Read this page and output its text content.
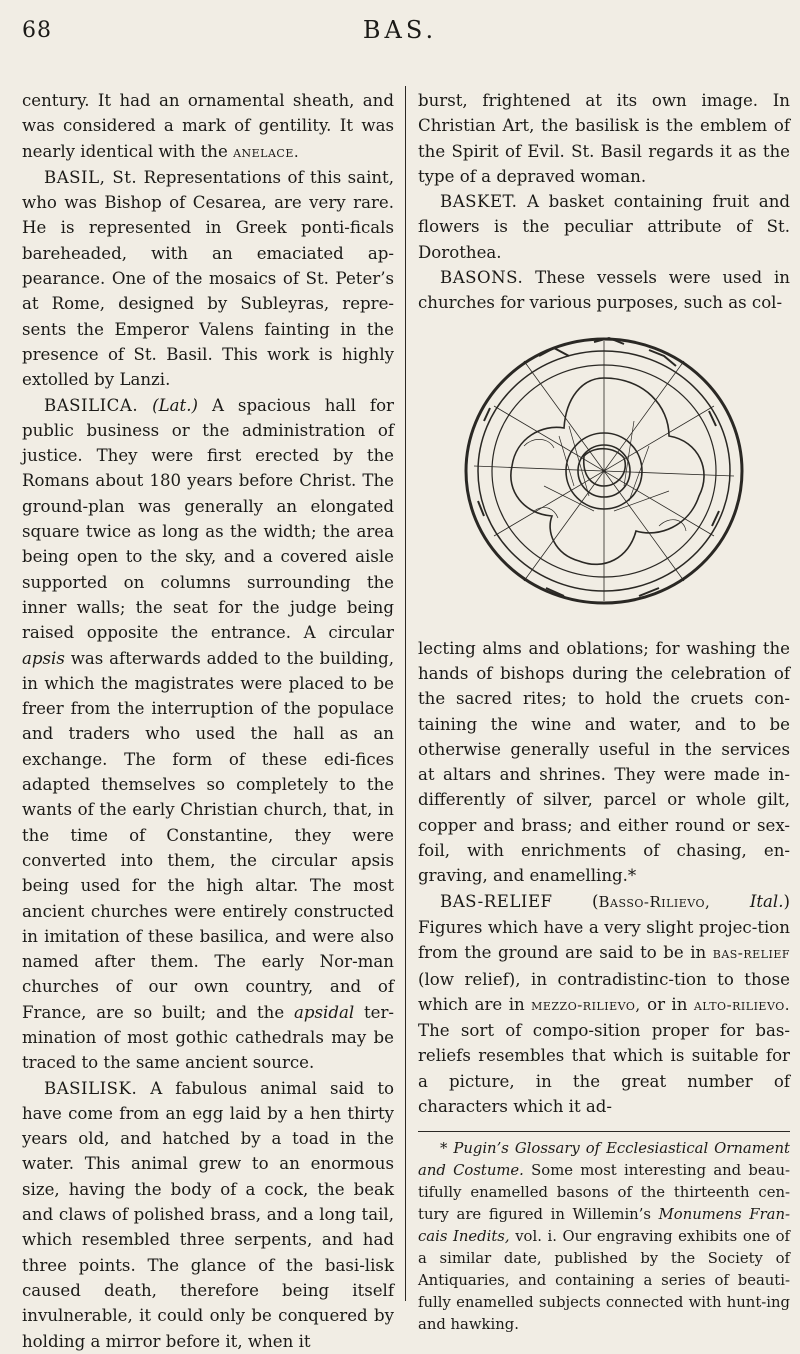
68	BAS.

century. It had an ornamental sheath, and was considered a mark of gentility. It was nearly identical with the anelace.

BASIL, St. Representations of this saint, who was Bishop of Cesarea, are very rare. He is represented in Greek ponti-ficals bareheaded, with an emaciated ap-pearance. One of the mosaics of St. Peter’s at Rome, designed by Subleyras, repre-sents the Emperor Valens fainting in the presence of St. Basil. This work is highly extolled by Lanzi.

BASILICA. (Lat.) A spacious hall for public business or the administration of justice. They were first erected by the Romans about 180 years before Christ. The ground-plan was generally an elongated square twice as long as the width; the area being open to the sky, and a covered aisle supported on columns surrounding the inner walls; the seat for the judge being raised opposite the entrance. A circular apsis was afterwards added to the building, in which the magistrates were placed to be freer from the interruption of the populace and traders who used the hall as an exchange. The form of these edi-fices adapted themselves so completely to the wants of the early Christian church, that, in the time of Constantine, they were converted into them, the circular apsis being used for the high altar. The most ancient churches were entirely constructed in imitation of these basilica, and were also named after them. The early Nor-man churches of our own country, and of France, are so built; and the apsidal ter-mination of most gothic cathedrals may be traced to the same ancient source.

BASILISK. A fabulous animal said to have come from an egg laid by a hen thirty years old, and hatched by a toad in the water. This animal grew to an enormous size, having the body of a cock, the beak and claws of polished brass, and a long tail, which resembled three serpents, and had three points. The glance of the basi-lisk caused death, therefore being itself invulnerable, it could only be conquered by holding a mirror before it, when it

burst, frightened at its own image. In Christian Art, the basilisk is the emblem of the Spirit of Evil. St. Basil regards it as the type of a depraved woman.

BASKET. A basket containing fruit and flowers is the peculiar attribute of St. Dorothea.

BASONS. These vessels were used in churches for various purposes, such as col-

lecting alms and oblations; for washing the hands of bishops during the celebration of the sacred rites; to hold the cruets con-taining the wine and water, and to be otherwise generally useful in the services at altars and shrines. They were made in-differently of silver, parcel or whole gilt, copper and brass; and either round or sex-foil, with enrichments of chasing, en-graving, and enamelling.*

BAS-RELIEF (Basso-Rilievo, Ital.) Figures which have a very slight projec-tion from the ground are said to be in bas-relief (low relief), in contradistinc-tion to those which are in mezzo-rilievo, or in alto-rilievo. The sort of compo-sition proper for bas-reliefs resembles that which is suitable for a picture, in the great number of characters which it ad-

* Pugin’s Glossary of Ecclesiastical Ornament and Costume. Some most interesting and beau-tifully enamelled basons of the thirteenth cen-tury are figured in Willemin’s Monumens Fran-cais Inedits, vol. i. Our engraving exhibits one of a similar date, published by the Society of Antiquaries, and containing a series of beauti-fully enamelled subjects connected with hunt-ing and hawking.
